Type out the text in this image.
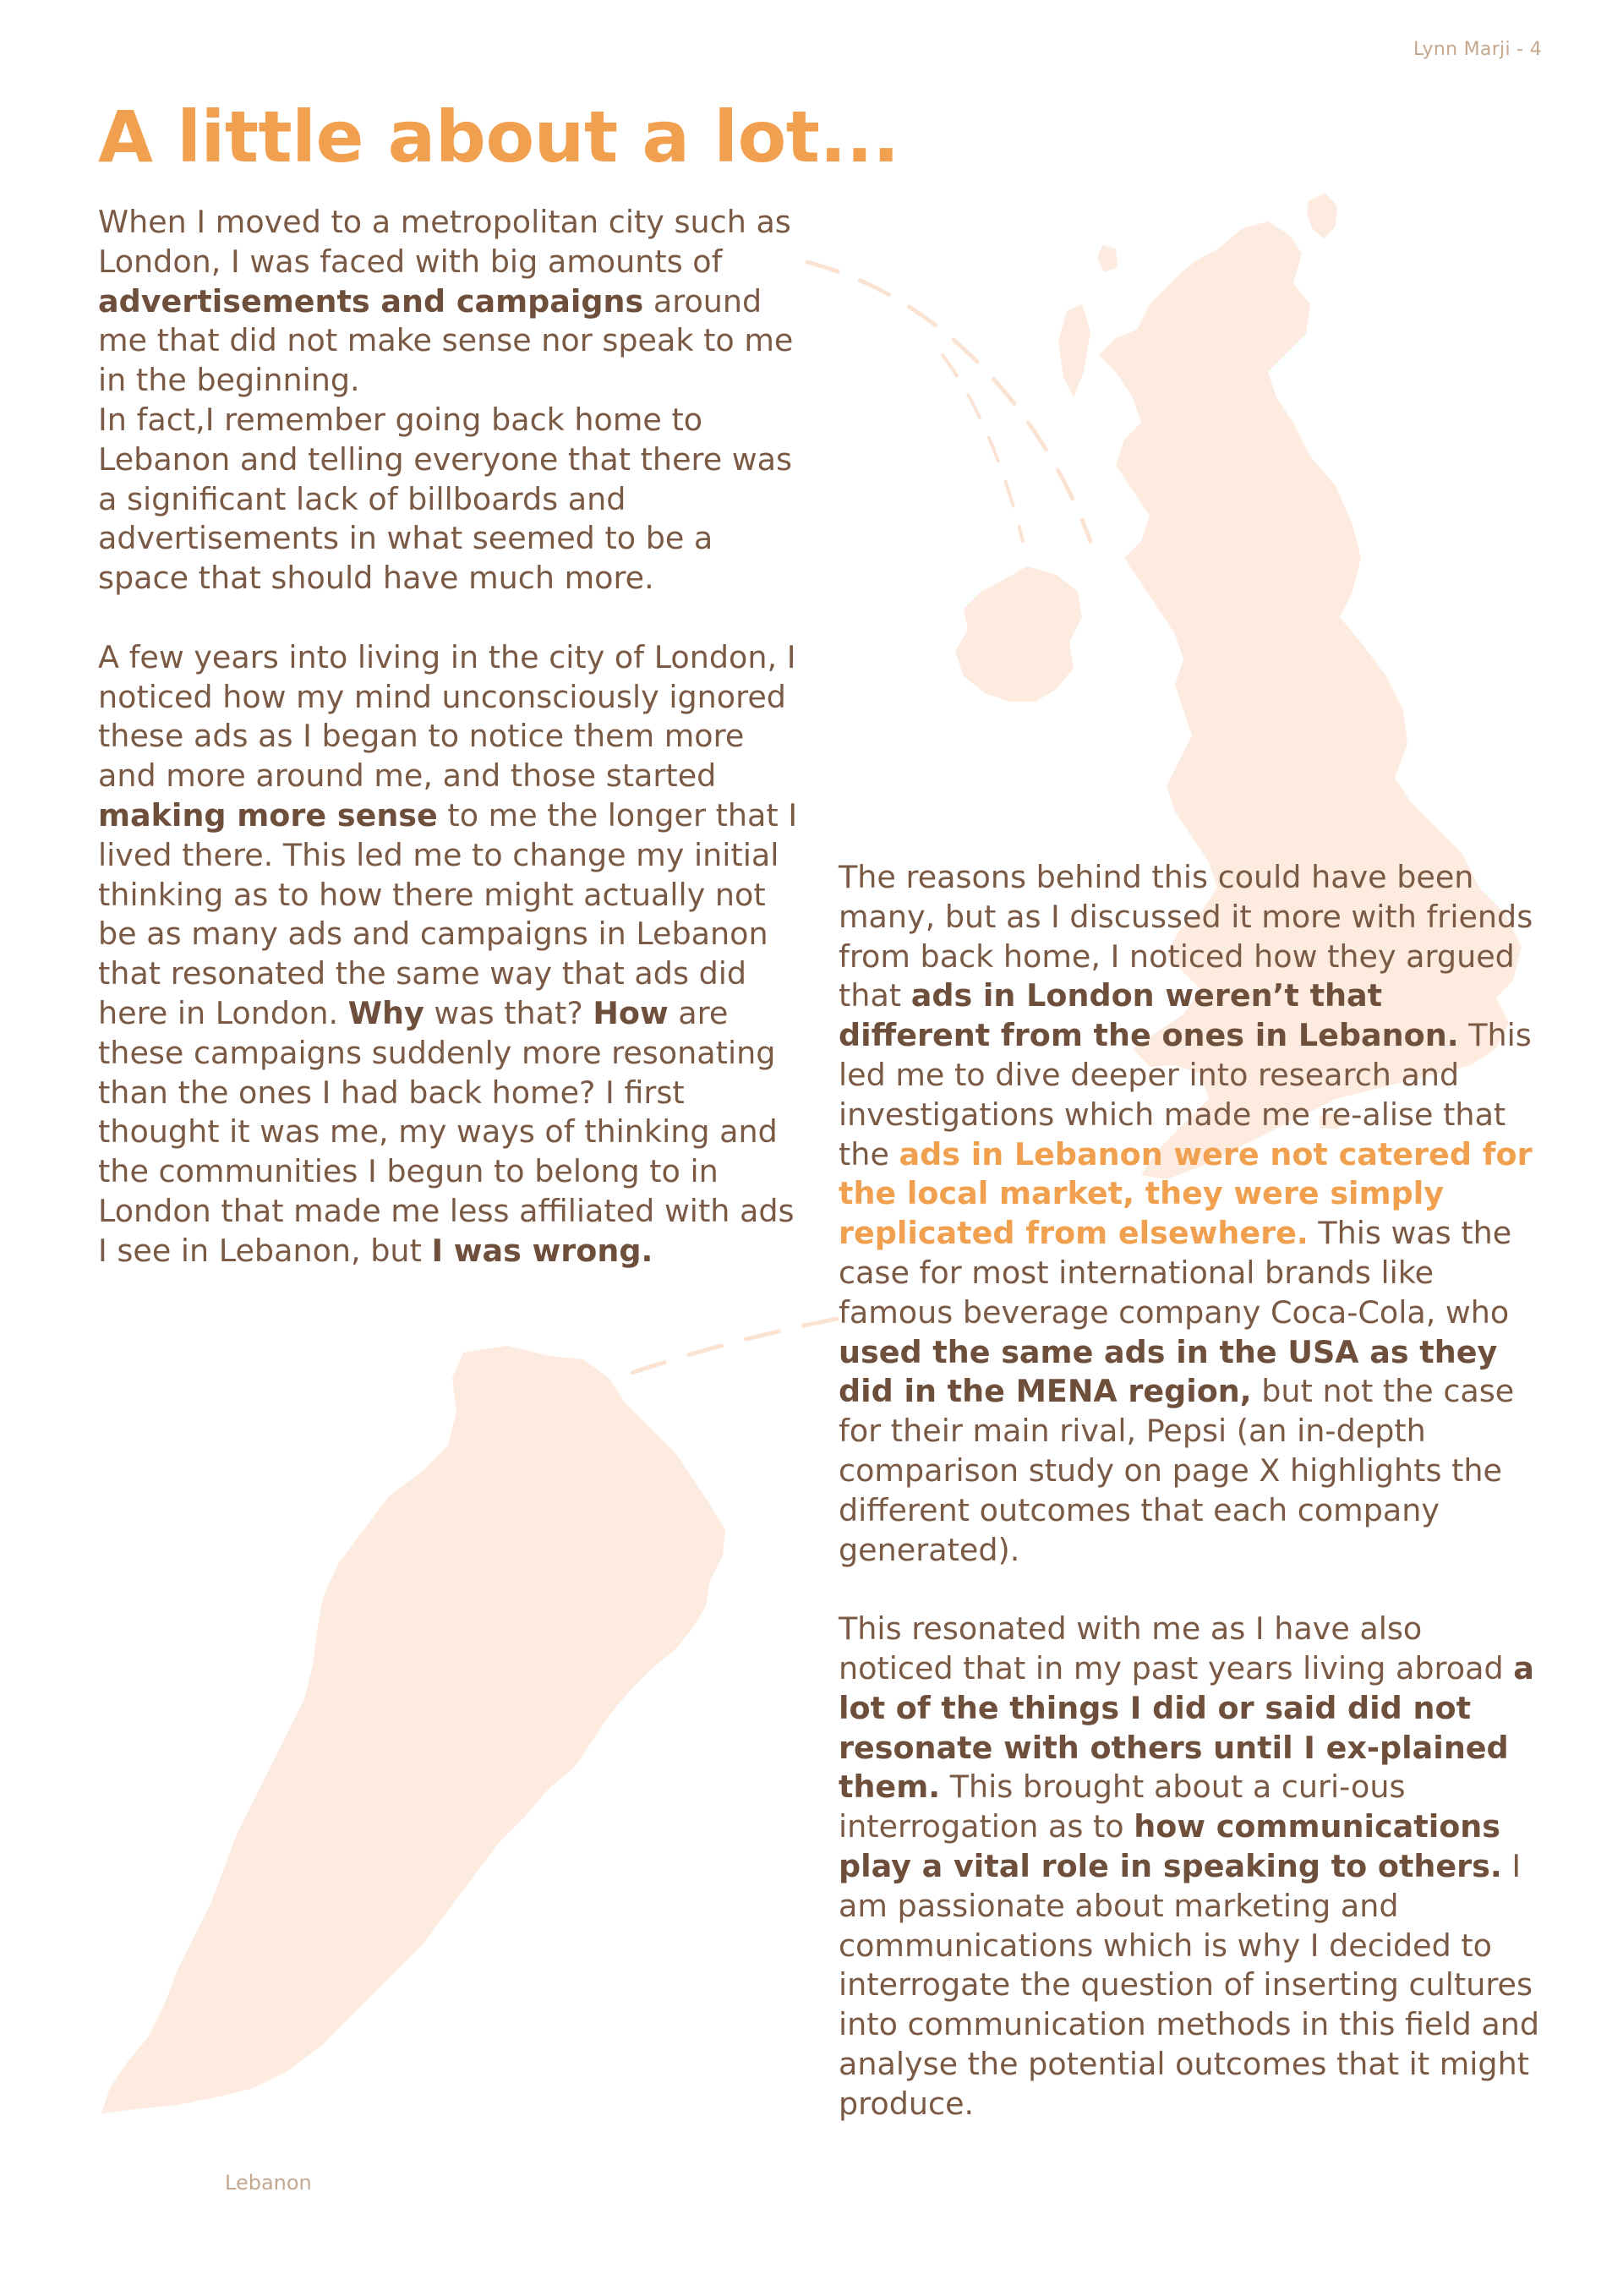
Lynn Marji - 4
A little about a lot...

When I moved to a metropolitan city such as London, I was faced with big amounts of advertisements and campaigns around me that did not make sense nor speak to me in the beginning.
In fact,I remember going back home to Lebanon and telling everyone that there was a significant lack of billboards and advertisements in what seemed to be a space that should have much more.

A few years into living in the city of London, I noticed how my mind unconsciously ignored these ads as I began to notice them more and more around me, and those started making more sense to me the longer that I lived there. This led me to change my initial thinking as to how there might actually not be as many ads and campaigns in Lebanon that resonated the same way that ads did here in London. Why was that? How are these campaigns suddenly more resonating than the ones I had back home? I first thought it was me, my ways of thinking and the communities I begun to belong to in London that made me less affiliated with ads I see in Lebanon, but I was wrong.

The reasons behind this could have been many, but as I discussed it more with friends from back home, I noticed how they argued that ads in London weren’t that different from the ones in Lebanon. This led me to dive deeper into research and investigations which made me re-alise that the ads in Lebanon were not catered for the local market, they were simply replicated from elsewhere. This was the case for most international brands like famous beverage company Coca-Cola, who used the same ads in the USA as they did in the MENA region, but not the case for their main rival, Pepsi (an in-depth comparison study on page X highlights the different outcomes that each company generated).

This resonated with me as I have also noticed that in my past years living abroad a lot of the things I did or said did not resonate with others until I ex-plained them. This brought about a curi-ous interrogation as to how communications play a vital role in speaking to others. I am passionate about marketing and communications which is why I decided to interrogate the question of inserting cultures into communication methods in this field and analyse the potential outcomes that it might produce.

Lebanon
